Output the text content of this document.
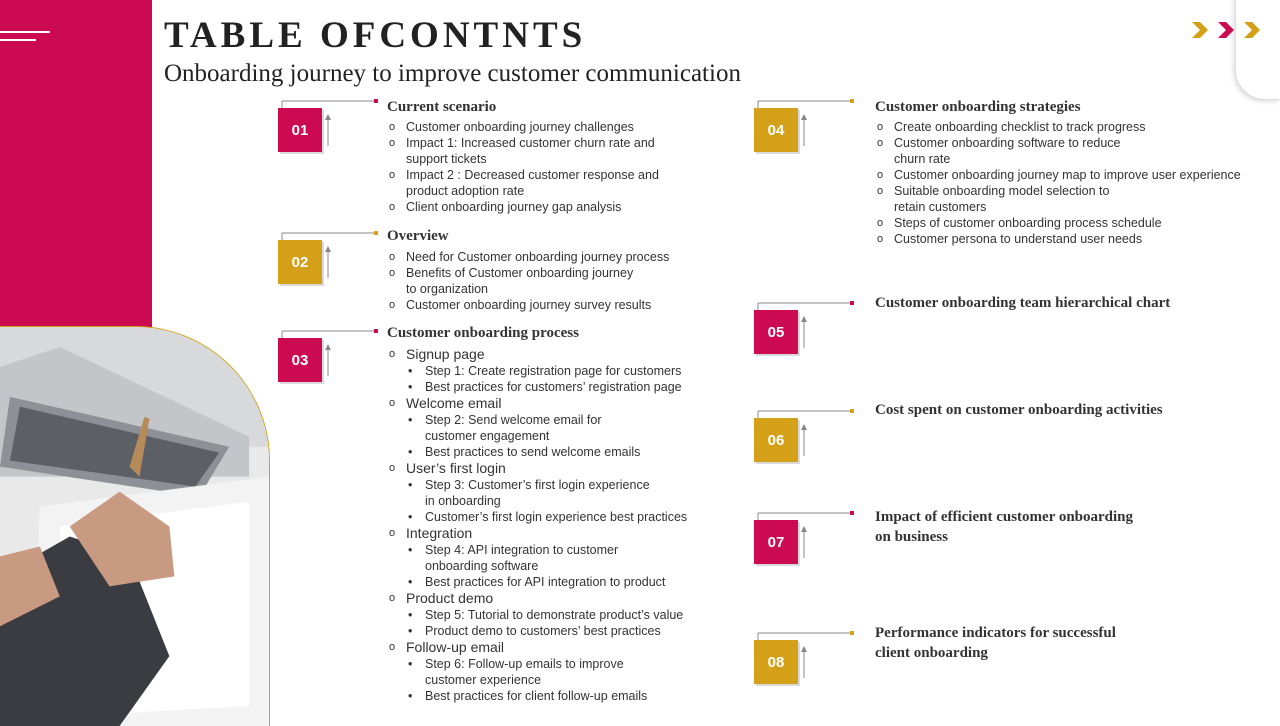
TABLE OFCONTNTS
Onboarding journey to improve customer communication
01
Current scenario
o Customer onboarding journey challenges
o Impact 1: Increased customer churn rate and
support tickets
o Impact 2 : Decreased customer response and
product adoption rate
o Client onboarding journey gap analysis
02
Overview
o Need for Customer onboarding journey process
o Benefits of Customer onboarding journey
to organization
o Customer onboarding journey survey results
03
Customer onboarding process
o Signup page
• Step 1: Create registration page for customers
• Best practices for customers’ registration page
o Welcome email
• Step 2: Send welcome email for
customer engagement
• Best practices to send welcome emails
o User’s first login
• Step 3: Customer’s first login experience
in onboarding
• Customer’s first login experience best practices
o Integration
• Step 4: API integration to customer
onboarding software
• Best practices for API integration to product
o Product demo
• Step 5: Tutorial to demonstrate product’s value
• Product demo to customers’ best practices
o Follow-up email
• Step 6: Follow-up emails to improve
customer experience
• Best practices for client follow-up emails
04
Customer onboarding strategies
o Create onboarding checklist to track progress
o Customer onboarding software to reduce
churn rate
o Customer onboarding journey map to improve user experience
o Suitable onboarding model selection to
retain customers
o Steps of customer onboarding process schedule
o Customer persona to understand user needs
05
Customer onboarding team hierarchical chart
06
Cost spent on customer onboarding activities
07
Impact of efficient customer onboarding
on business
08
Performance indicators for successful
client onboarding
